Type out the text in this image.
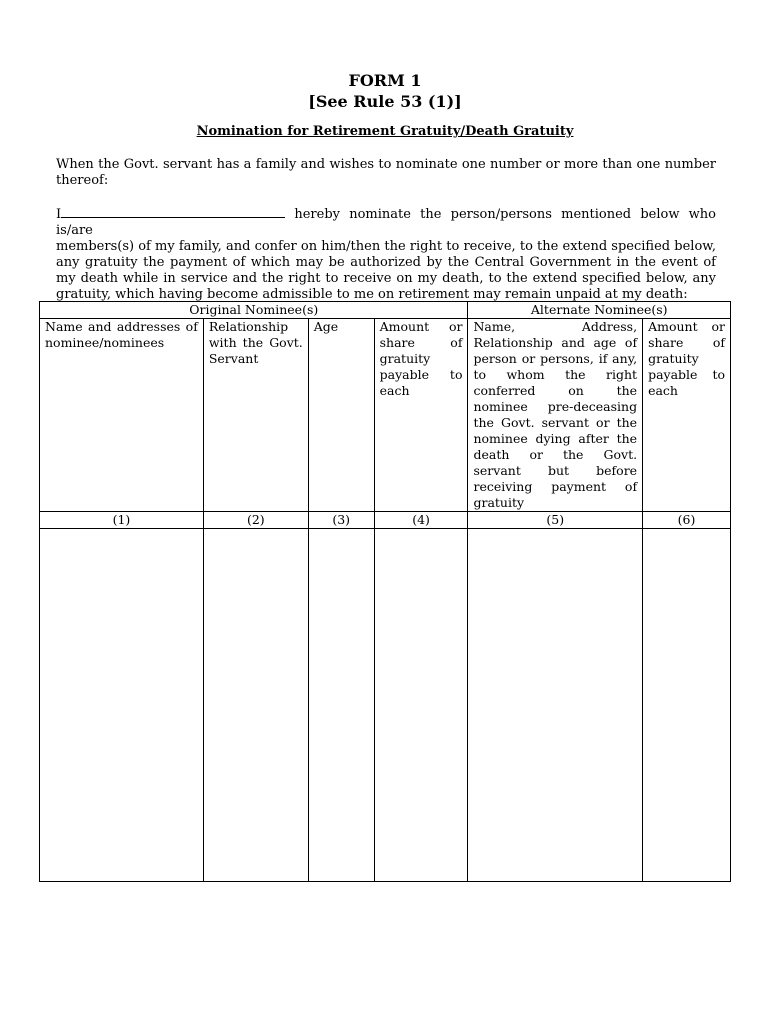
FORM 1
[See Rule 53 (1)]
Nomination for Retirement Gratuity/Death Gratuity

When the Govt. servant has a family and wishes to nominate one number or more than one number thereof:

I	hereby nominate the person/persons mentioned below who is/are
members(s) of my family, and confer on him/then the right to receive, to the extend specified below,
any gratuity the payment of which may be authorized by the Central Government in the event of
my death while in service and the right to receive on my death, to the extend specified below, any
gratuity, which having become admissible to me on retirement may remain unpaid at my death:
Original Nominee(s)				Alternate Nominee(s)	

Name and addresses of nominee/nominees	Relationship with the Govt. Servant	Age	Amount or share of gratuity payable to each	Name, Address, Relationship and age of person or persons, if any, to whom the right conferred on the nominee pre-deceasing the Govt. servant or the nominee dying after the death or the Govt. servant but before receiving payment of gratuity	Amount or share of gratuity payable to each

(1)	(2)	(3)	(4)	(5)	(6)
